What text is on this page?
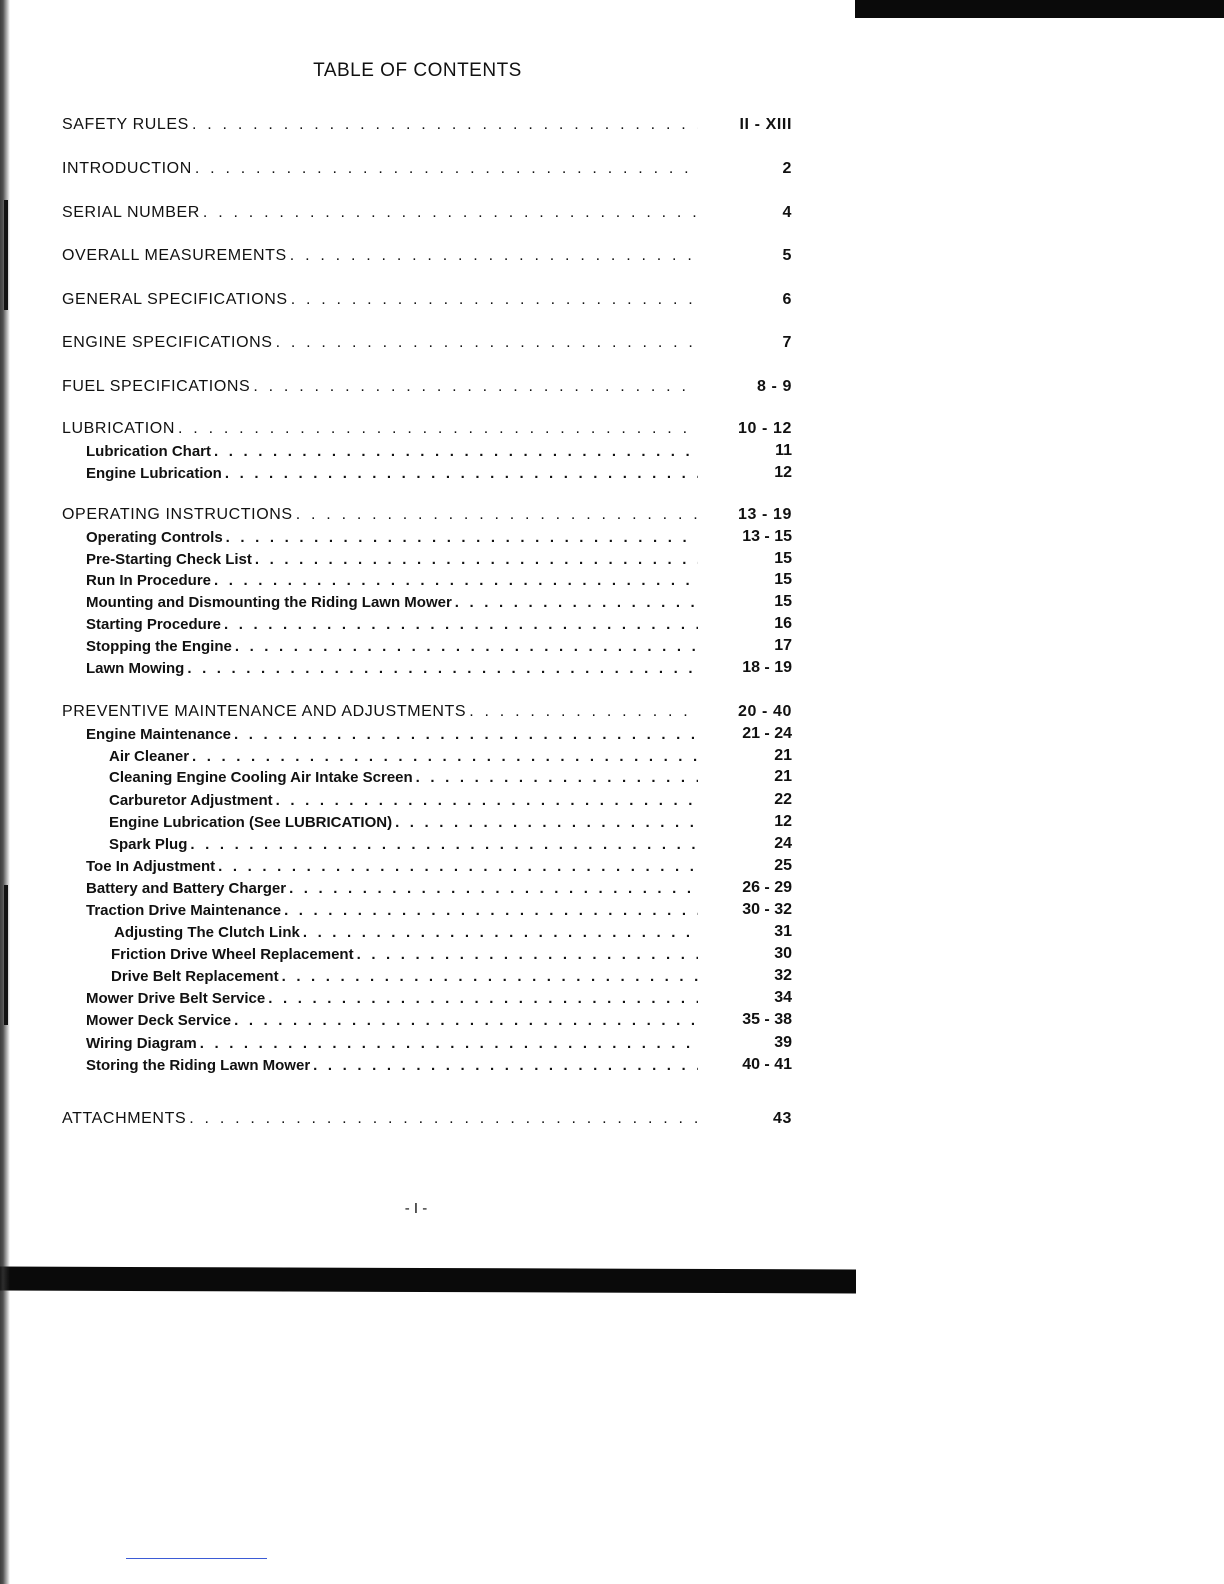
TABLE OF CONTENTS
SAFETY RULES . . .	II - XIII
INTRODUCTION . . .	2
SERIAL NUMBER . . .	4
OVERALL MEASUREMENTS . . .	5
GENERAL SPECIFICATIONS . . .	6
ENGINE SPECIFICATIONS . . .	7
FUEL SPECIFICATIONS . . .	8 - 9
LUBRICATION . . .	10 - 12
Lubrication Chart . . .	11
Engine Lubrication . . .	12
OPERATING INSTRUCTIONS . . .	13 - 19
Operating Controls . . .	13 - 15
Pre-Starting Check List . . .	15
Run In Procedure . . .	15
Mounting and Dismounting the Riding Lawn Mower . . .	15
Starting Procedure . . .	16
Stopping the Engine . . .	17
Lawn Mowing . . .	18 - 19
PREVENTIVE MAINTENANCE AND ADJUSTMENTS . . .	20 - 40
Engine Maintenance . . .	21 - 24
Air Cleaner . . .	21
Cleaning Engine Cooling Air Intake Screen . . .	21
Carburetor Adjustment . . .	22
Engine Lubrication (See LUBRICATION) . . .	12
Spark Plug . . .	24
Toe In Adjustment . . .	25
Battery and Battery Charger . . .	26 - 29
Traction Drive Maintenance . . .	30 - 32
Adjusting The Clutch Link . . .	31
Friction Drive Wheel Replacement . . .	30
Drive Belt Replacement . . .	32
Mower Drive Belt Service . . .	34
Mower Deck Service . . .	35 - 38
Wiring Diagram . . .	39
Storing the Riding Lawn Mower . . .	40 - 41
ATTACHMENTS . . .	43
- I -
